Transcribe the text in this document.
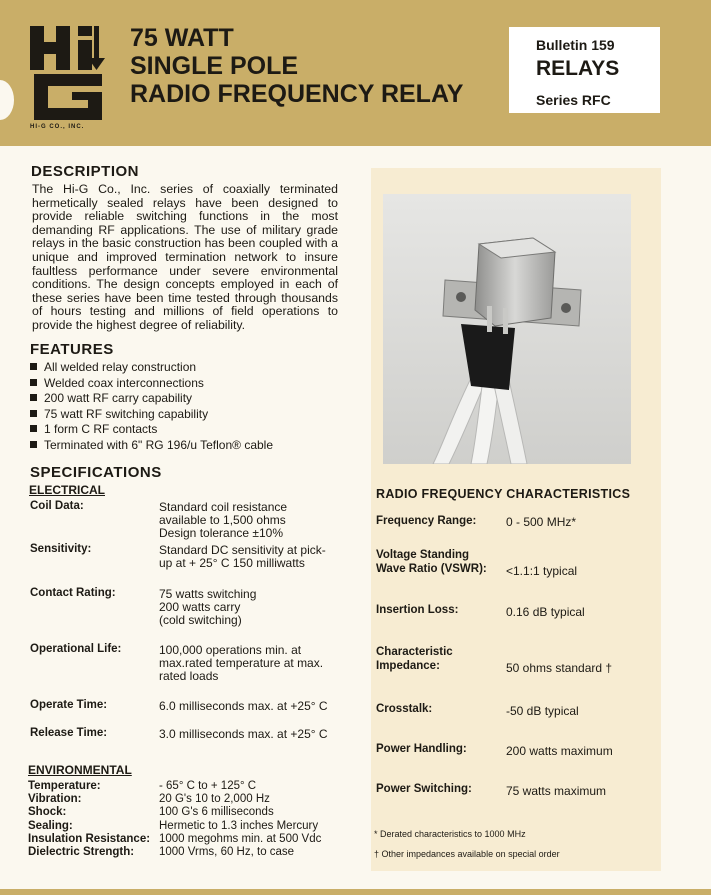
HI-G CO., INC.
75 WATT
SINGLE POLE
RADIO FREQUENCY RELAY
Bulletin 159
RELAYS
Series RFC
DESCRIPTION
The Hi-G Co., Inc. series of coaxially terminated hermetically sealed relays have been designed to provide reliable switching functions in the most demanding RF applications. The use of military grade relays in the basic construction has been coupled with a unique and improved termination network to insure faultless performance under severe environmental conditions. The design concepts employed in each of these series have been time tested through thousands of hours testing and millions of field operations to provide the highest degree of reliability.
FEATURES
All welded relay construction
Welded coax interconnections
200 watt RF carry capability
75 watt RF switching capability
1 form C RF contacts
Terminated with 6" RG 196/u Teflon® cable
SPECIFICATIONS
ELECTRICAL
Coil Data:	Standard coil resistance
available to 1,500 ohms
Design tolerance ±10%
Sensitivity:	Standard DC sensitivity at pick-
up at + 25° C 150 milliwatts
Contact Rating:	75 watts switching
200 watts carry
(cold switching)
Operational Life:	100,000 operations min. at
max.rated temperature at max.
rated loads
Operate Time:	6.0 milliseconds max. at +25° C
Release Time:	3.0 milliseconds max. at +25° C
ENVIRONMENTAL
Temperature:	- 65° C to + 125° C
Vibration:	20 G's 10 to 2,000 Hz
Shock:	100 G's 6 milliseconds
Sealing:	Hermetic to 1.3 inches Mercury
Insulation Resistance: 1000 megohms min. at 500 Vdc
Dielectric Strength: 1000 Vrms, 60 Hz, to case
RADIO FREQUENCY CHARACTERISTICS
Frequency Range: 0 - 500 MHz*
Voltage Standing
Wave Ratio (VSWR): <1.1:1 typical
Insertion Loss:	0.16 dB typical
Characteristic
Impedance:	50 ohms standard †
Crosstalk:	-50 dB typical
Power Handling:	200 watts maximum
Power Switching:	75 watts maximum
* Derated characteristics to 1000 MHz
† Other impedances available on special order
